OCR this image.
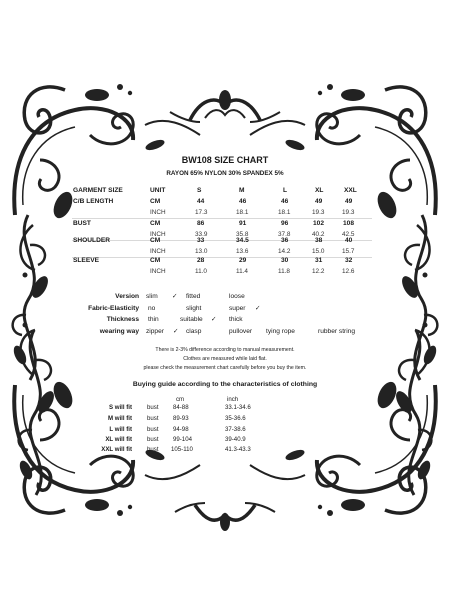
BW108 SIZE CHART
RAYON 65% NYLON 30% SPANDEX 5%
GARMENT SIZE	UNIT	S	M	L	XL	XXL
C/B LENGTH	CM	44	46	46	49	49
INCH	17.3	18.1	18.1	19.3	19.3
BUST	CM	86	91	96	102	108
INCH	33.9	35.8	37.8	40.2	42.5
SHOULDER	CM	33	34.5	36	38	40
INCH	13.0	13.6	14.2	15.0	15.7
SLEEVE	CM	28	29	30	31	32
INCH	11.0	11.4	11.8	12.2	12.6
Version slim ✓ fitted	loose
Fabric-Elasticity no	slight	super ✓
Thickness thin	suitable ✓ thick
wearing way zipper ✓ clasp	pullover tying rope	rubber string
There is 2-3% difference according to manual measurement.
Clothes are measured while laid flat.
please check the measurement chart carefully before you buy the item.
Buying guide according to the characteristics of clothing
cm	inch
S will fit bust 84-88	33.1-34.6
M will fit bust 89-93	35-36.6
L will fit bust 94-98	37-38.6
XL will fit bust 99-104	39-40.9
XXL will fit bust 105-110	41.3-43.3
